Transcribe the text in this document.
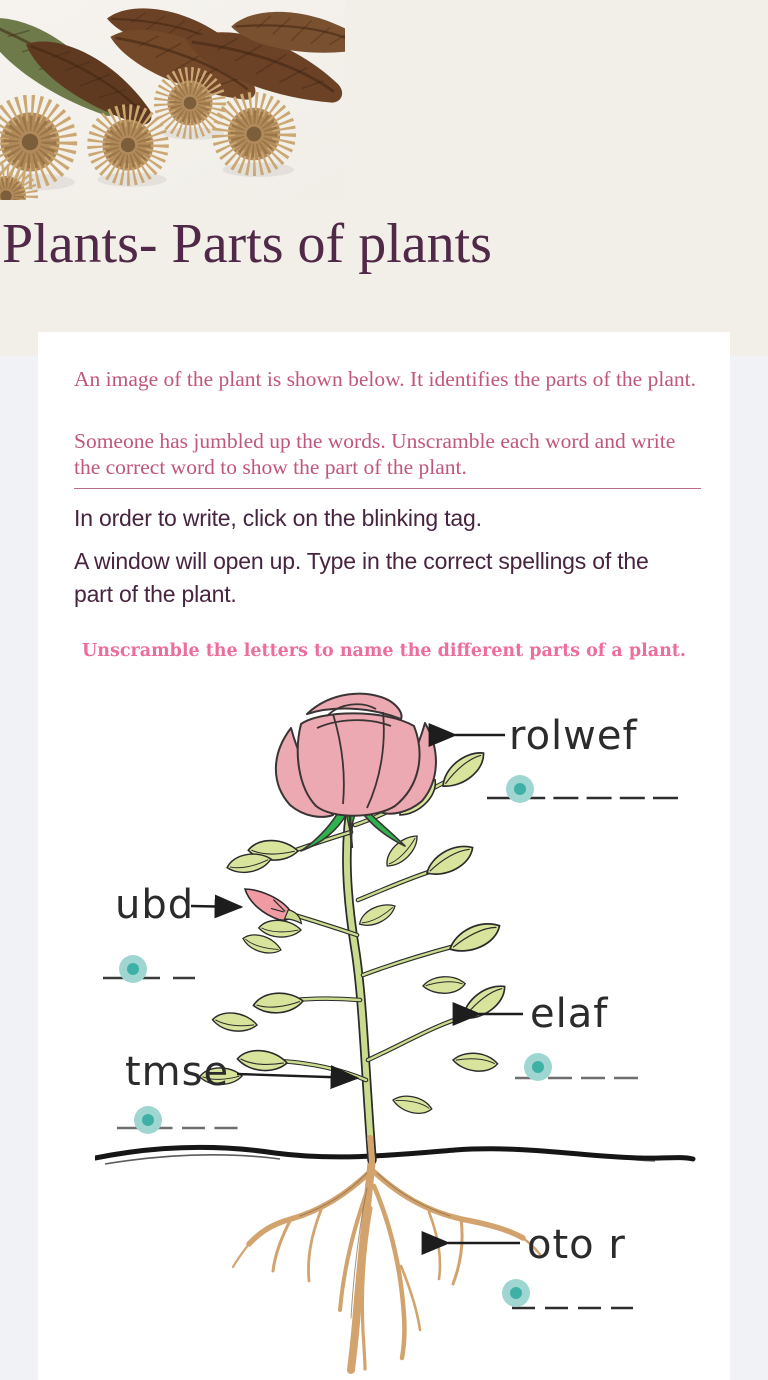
Plants- Parts of plants

An image of the plant is shown below. It identifies the parts of the plant.

Someone has jumbled up the words. Unscramble each word and write the correct word to show the part of the plant.

In order to write, click on the blinking tag.

A window will open up. Type in the correct spellings of the part of the plant.

Unscramble the letters to name the different parts of a plant.

rolwef
ubd
elaf
tmse
oto r
